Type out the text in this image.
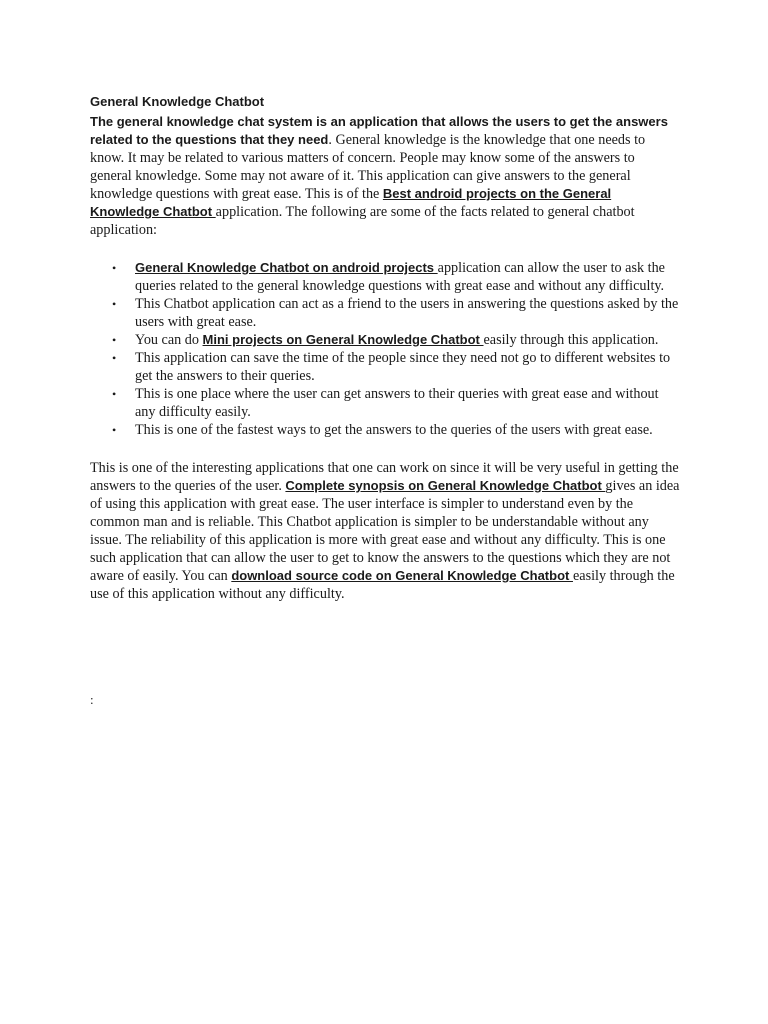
General Knowledge Chatbot

The general knowledge chat system is an application that allows the users to get the answers related to the questions that they need. General knowledge is the knowledge that one needs to know. It may be related to various matters of concern. People may know some of the answers to general knowledge. Some may not aware of it. This application can give answers to the general knowledge questions with great ease. This is of the Best android projects on the General Knowledge Chatbot application. The following are some of the facts related to general chatbot application:

• General Knowledge Chatbot on android projects application can allow the user to ask the queries related to the general knowledge questions with great ease and without any difficulty.
• This Chatbot application can act as a friend to the users in answering the questions asked by the users with great ease.
• You can do Mini projects on General Knowledge Chatbot easily through this application.
• This application can save the time of the people since they need not go to different websites to get the answers to their queries.
• This is one place where the user can get answers to their queries with great ease and without any difficulty easily.
• This is one of the fastest ways to get the answers to the queries of the users with great ease.

This is one of the interesting applications that one can work on since it will be very useful in getting the answers to the queries of the user. Complete synopsis on General Knowledge Chatbot gives an idea of using this application with great ease. The user interface is simpler to understand even by the common man and is reliable. This Chatbot application is simpler to be understandable without any issue. The reliability of this application is more with great ease and without any difficulty. This is one such application that can allow the user to get to know the answers to the questions which they are not aware of easily. You can download source code on General Knowledge Chatbot easily through the use of this application without any difficulty.

:
